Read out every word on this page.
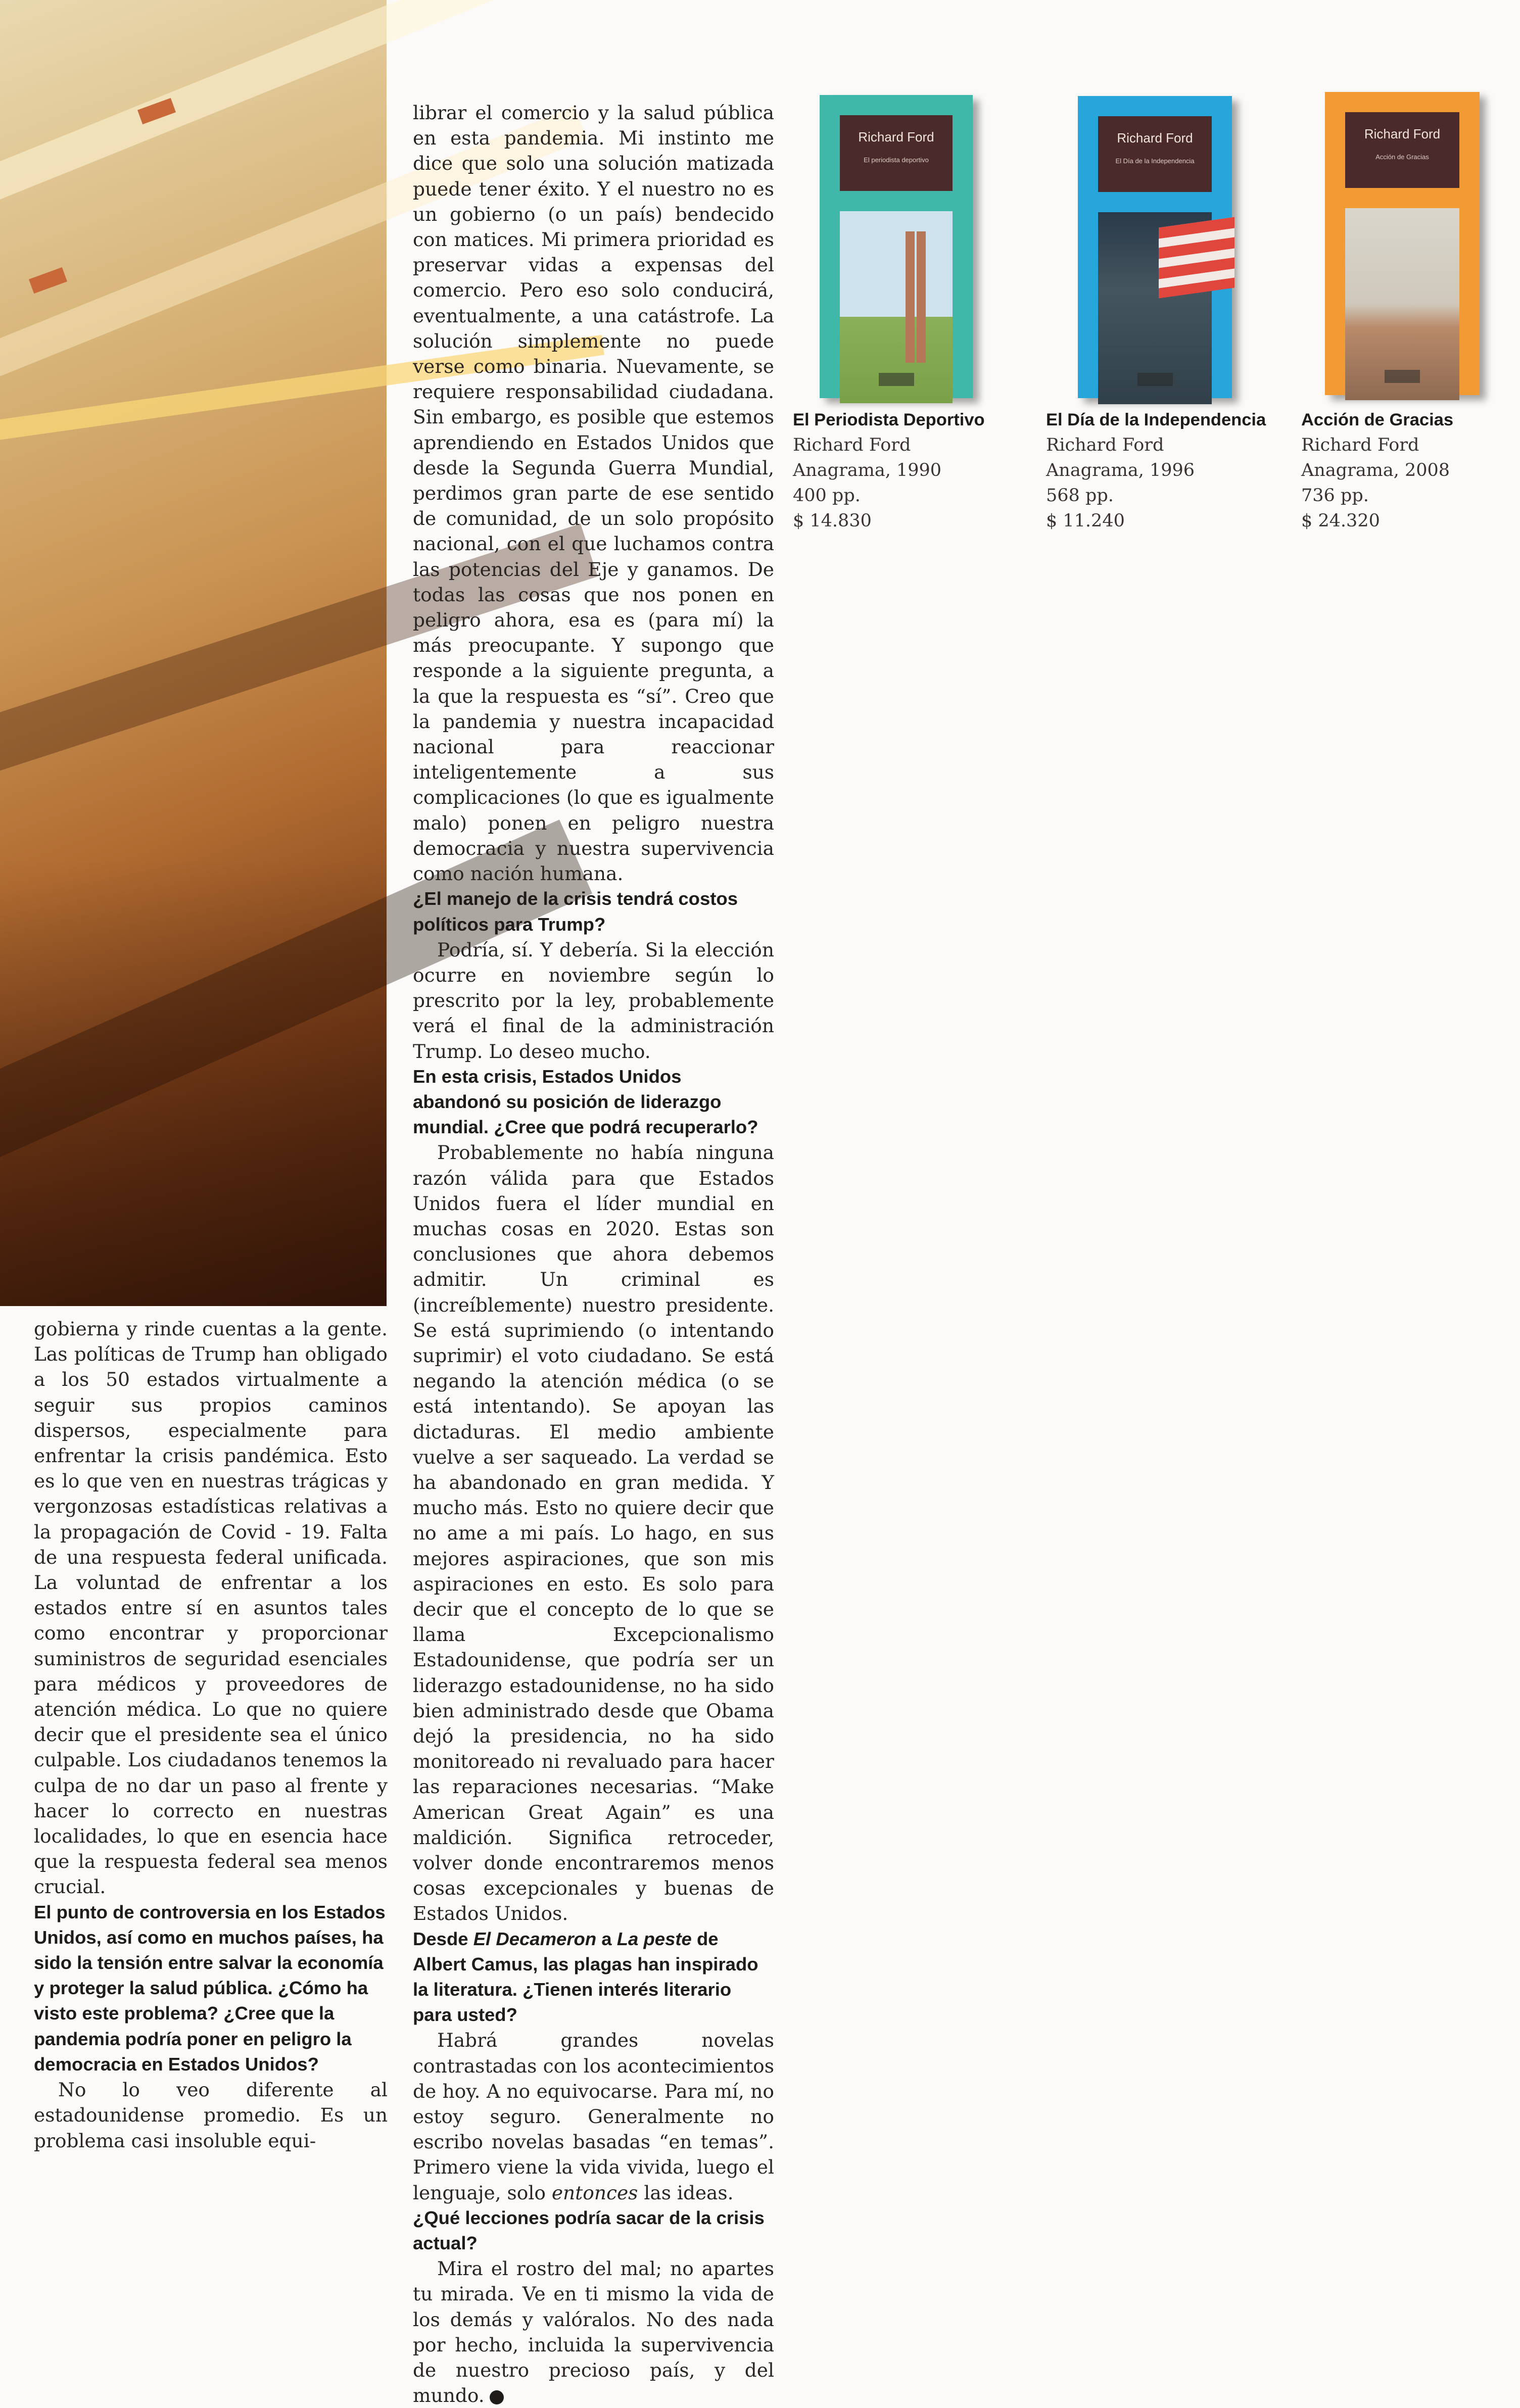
gobierna y rinde cuentas a la gente. Las políticas de Trump han obligado a los 50 estados virtualmente a seguir sus propios caminos dispersos, especialmente para enfrentar la crisis pandémica. Esto es lo que ven en nuestras trágicas y vergonzosas estadísticas relativas a la propagación de Covid - 19. Falta de una respuesta federal unificada. La voluntad de enfrentar a los estados entre sí en asuntos tales como encontrar y proporcionar suministros de seguridad esenciales para médicos y proveedores de atención médica. Lo que no quiere decir que el presidente sea el único culpable. Los ciudadanos tenemos la culpa de no dar un paso al frente y hacer lo correcto en nuestras localidades, lo que en esencia hace que la respuesta federal sea menos crucial.

El punto de controversia en los Estados Unidos, así como en muchos países, ha sido la tensión entre salvar la economía y proteger la salud pública. ¿Cómo ha visto este problema? ¿Cree que la pandemia podría poner en peligro la democracia en Estados Unidos?

No lo veo diferente al estadounidense promedio. Es un problema casi insoluble equi-

librar el comercio y la salud pública en esta pandemia. Mi instinto me dice que solo una solución matizada puede tener éxito. Y el nuestro no es un gobierno (o un país) bendecido con matices. Mi primera prioridad es preservar vidas a expensas del comercio. Pero eso solo conducirá, eventualmente, a una catástrofe. La solución simplemente no puede verse como binaria. Nuevamente, se requiere responsabilidad ciudadana. Sin embargo, es posible que estemos aprendiendo en Estados Unidos que desde la Segunda Guerra Mundial, perdimos gran parte de ese sentido de comunidad, de un solo propósito nacional, con el que luchamos contra las potencias del Eje y ganamos. De todas las cosas que nos ponen en peligro ahora, esa es (para mí) la más preocupante. Y supongo que responde a la siguiente pregunta, a la que la respuesta es “sí”. Creo que la pandemia y nuestra incapacidad nacional para reaccionar inteligentemente a sus complicaciones (lo que es igualmente malo) ponen en peligro nuestra democracia y nuestra supervivencia como nación humana.

¿El manejo de la crisis tendrá costos políticos para Trump?

Podría, sí. Y debería. Si la elección ocurre en noviembre según lo prescrito por la ley, probablemente verá el final de la administración Trump. Lo deseo mucho.

En esta crisis, Estados Unidos abandonó su posición de liderazgo mundial. ¿Cree que podrá recuperarlo?

Probablemente no había ninguna razón válida para que Estados Unidos fuera el líder mundial en muchas cosas en 2020. Estas son conclusiones que ahora debemos admitir. Un criminal es (increíblemente) nuestro presidente. Se está suprimiendo (o intentando suprimir) el voto ciudadano. Se está negando la atención médica (o se está intentando). Se apoyan las dictaduras. El medio ambiente vuelve a ser saqueado. La verdad se ha abandonado en gran medida. Y mucho más. Esto no quiere decir que no ame a mi país. Lo hago, en sus mejores aspiraciones, que son mis aspiraciones en esto. Es solo para decir que el concepto de lo que se llama Excepcionalismo Estadounidense, que podría ser un liderazgo estadounidense, no ha sido bien administrado desde que Obama dejó la presidencia, no ha sido monitoreado ni revaluado para hacer las reparaciones necesarias. “Make American Great Again” es una maldición. Significa retroceder, volver donde encontraremos menos cosas excepcionales y buenas de Estados Unidos.

Desde El Decameron a La peste de Albert Camus, las plagas han inspirado la literatura. ¿Tienen interés literario para usted?

Habrá grandes novelas contrastadas con los acontecimientos de hoy. A no equivocarse. Para mí, no estoy seguro. Generalmente no escribo novelas basadas “en temas”. Primero viene la vida vivida, luego el lenguaje, solo entonces las ideas.

¿Qué lecciones podría sacar de la crisis actual?

Mira el rostro del mal; no apartes tu mirada. Ve en ti mismo la vida de los demás y valóralos. No des nada por hecho, incluida la supervivencia de nuestro precioso país, y del mundo.	D

Richard Ford
El periodista deportivo
El Periodista Deportivo
Richard Ford
Anagrama, 1990
400 pp.
$ 14.830
Richard Ford
El Día de la Independencia
El Día de la Independencia
Richard Ford
Anagrama, 1996
568 pp.
$ 11.240
Richard Ford
Acción de Gracias
Acción de Gracias
Richard Ford
Anagrama, 2008
736 pp.
$ 24.320
